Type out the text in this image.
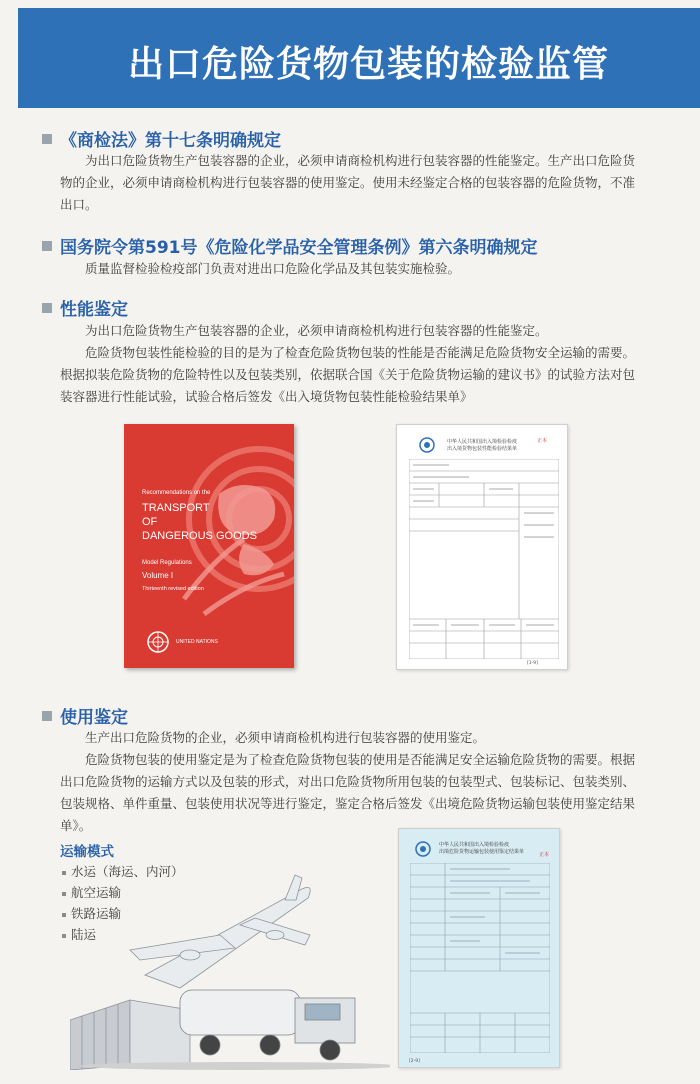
出口危险货物包装的检验监管
《商检法》第十七条明确规定
为出口危险货物生产包装容器的企业，必须申请商检机构进行包装容器的性能鉴定。生产出口危险货物的企业，必须申请商检机构进行包装容器的使用鉴定。使用未经鉴定合格的包装容器的危险货物，不准出口。
国务院令第591号《危险化学品安全管理条例》第六条明确规定
质量监督检验检疫部门负责对进出口危险化学品及其包装实施检验。
性能鉴定
为出口危险货物生产包装容器的企业，必须申请商检机构进行包装容器的性能鉴定。
危险货物包装性能检验的目的是为了检查危险货物包装的性能是否能满足危险货物安全运输的需要。根据拟装危险货物的危险特性以及包装类别，依据联合国《关于危险货物运输的建议书》的试验方法对包装容器进行性能试验，试验合格后签发《出入境货物包装性能检验结果单》
Recommendations on the
TRANSPORT
OF
DANGEROUS GOODS
Model Regulations
Volume I
Thirteenth revised edition
UNITED NATIONS
中华人民共和国出入境检验检疫
出入境货物包装性能检验结果单
正本
[1-9]
使用鉴定
生产出口危险货物的企业，必须申请商检机构进行包装容器的使用鉴定。
危险货物包装的使用鉴定是为了检查危险货物包装的使用是否能满足安全运输危险货物的需要。根据出口危险货物的运输方式以及包装的形式，对出口危险货物所用包装的包装型式、包装标记、包装类别、包装规格、单件重量、包装使用状况等进行鉴定，鉴定合格后签发《出境危险货物运输包装使用鉴定结果单》。
运输模式
水运（海运、内河）
航空运输
铁路运输
陆运
中华人民共和国出入境检验检疫
出境危险货物运输包装使用鉴定结果单	正本
[2-9]
